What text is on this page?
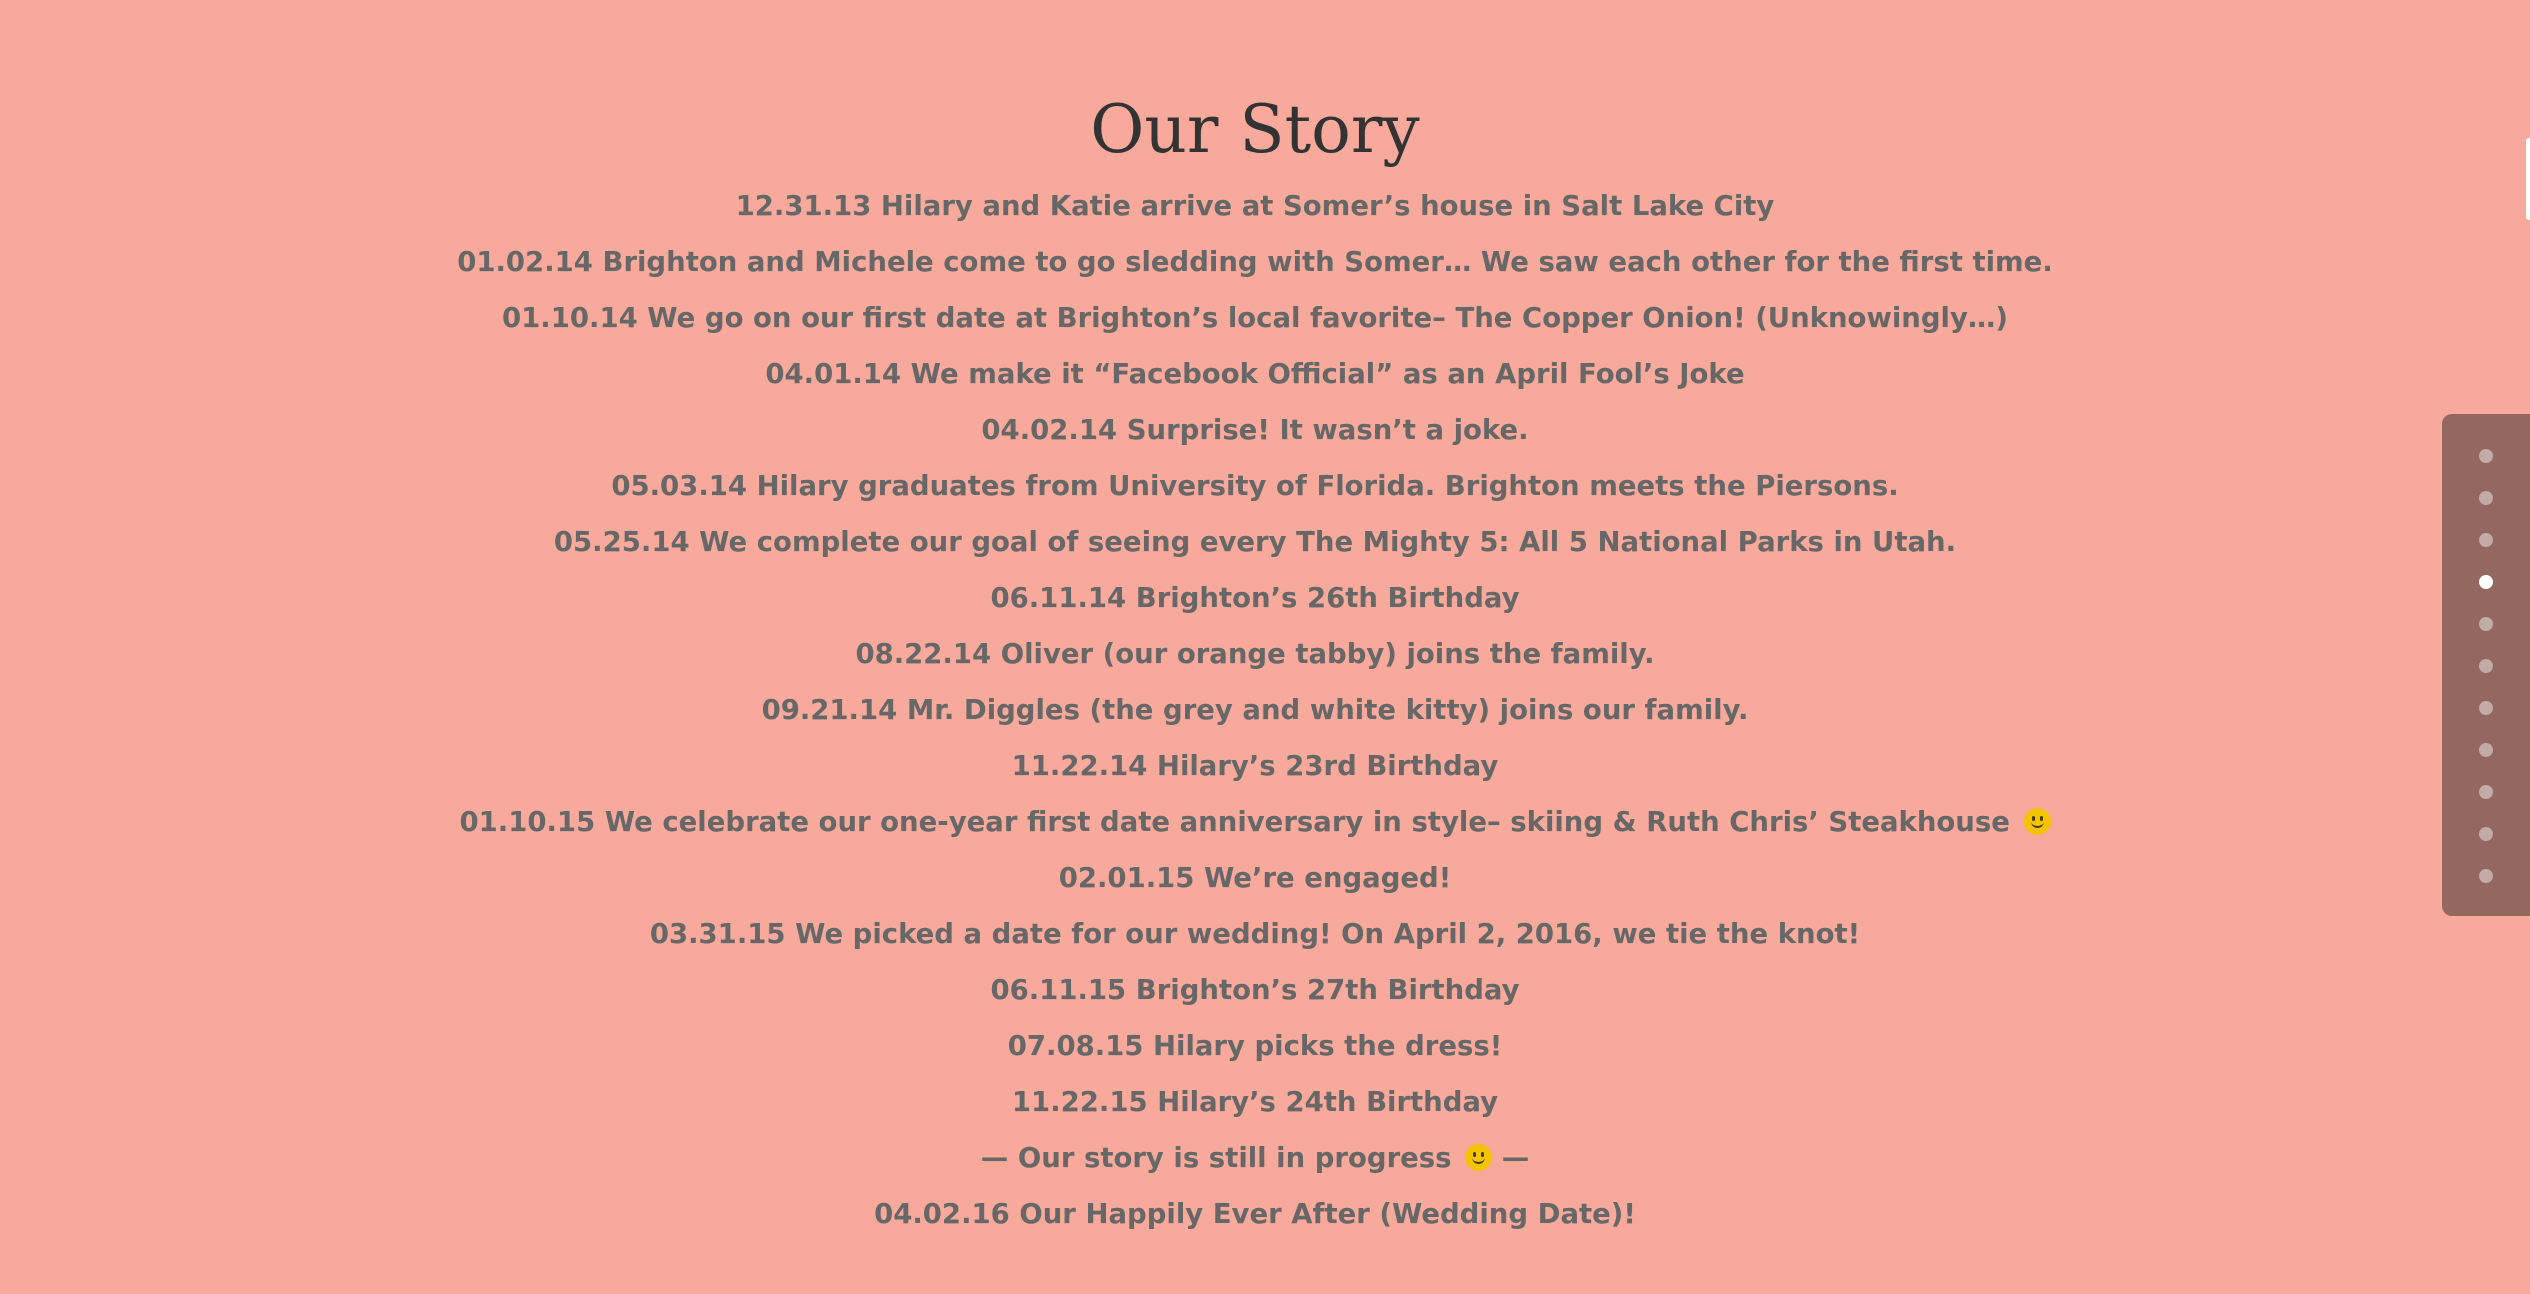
Our Story
12.31.13 Hilary and Katie arrive at Somer’s house in Salt Lake City
01.02.14 Brighton and Michele come to go sledding with Somer… We saw each other for the first time.
01.10.14 We go on our first date at Brighton’s local favorite– The Copper Onion! (Unknowingly…)
04.01.14 We make it “Facebook Official” as an April Fool’s Joke
04.02.14 Surprise! It wasn’t a joke.
05.03.14 Hilary graduates from University of Florida. Brighton meets the Piersons.
05.25.14 We complete our goal of seeing every The Mighty 5: All 5 National Parks in Utah.
06.11.14 Brighton’s 26th Birthday
08.22.14 Oliver (our orange tabby) joins the family.
09.21.14 Mr. Diggles (the grey and white kitty) joins our family.
11.22.14 Hilary’s 23rd Birthday
01.10.15 We celebrate our one-year first date anniversary in style– skiing & Ruth Chris’ Steakhouse
02.01.15 We’re engaged!
03.31.15 We picked a date for our wedding! On April 2, 2016, we tie the knot!
06.11.15 Brighton’s 27th Birthday
07.08.15 Hilary picks the dress!
11.22.15 Hilary’s 24th Birthday
— Our story is still in progress —
04.02.16 Our Happily Ever After (Wedding Date)!
